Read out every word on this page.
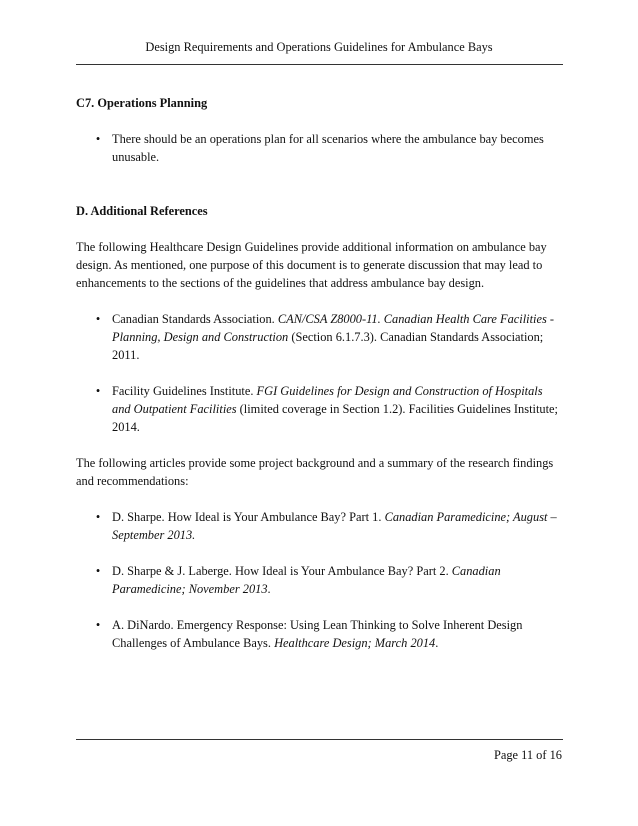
Design Requirements and Operations Guidelines for Ambulance Bays
C7. Operations Planning
• There should be an operations plan for all scenarios where the ambulance bay becomes unusable.
D. Additional References

The following Healthcare Design Guidelines provide additional information on ambulance bay design. As mentioned, one purpose of this document is to generate discussion that may lead to enhancements to the sections of the guidelines that address ambulance bay design.

• Canadian Standards Association. CAN/CSA Z8000-11. Canadian Health Care Facilities - Planning, Design and Construction (Section 6.1.7.3). Canadian Standards Association; 2011.
• Facility Guidelines Institute. FGI Guidelines for Design and Construction of Hospitals and Outpatient Facilities (limited coverage in Section 1.2). Facilities Guidelines Institute; 2014.

The following articles provide some project background and a summary of the research findings and recommendations:

• D. Sharpe. How Ideal is Your Ambulance Bay? Part 1. Canadian Paramedicine; August – September 2013.
• D. Sharpe & J. Laberge. How Ideal is Your Ambulance Bay? Part 2. Canadian Paramedicine; November 2013.
• A. DiNardo. Emergency Response: Using Lean Thinking to Solve Inherent Design Challenges of Ambulance Bays. Healthcare Design; March 2014.
Page 11 of 16
